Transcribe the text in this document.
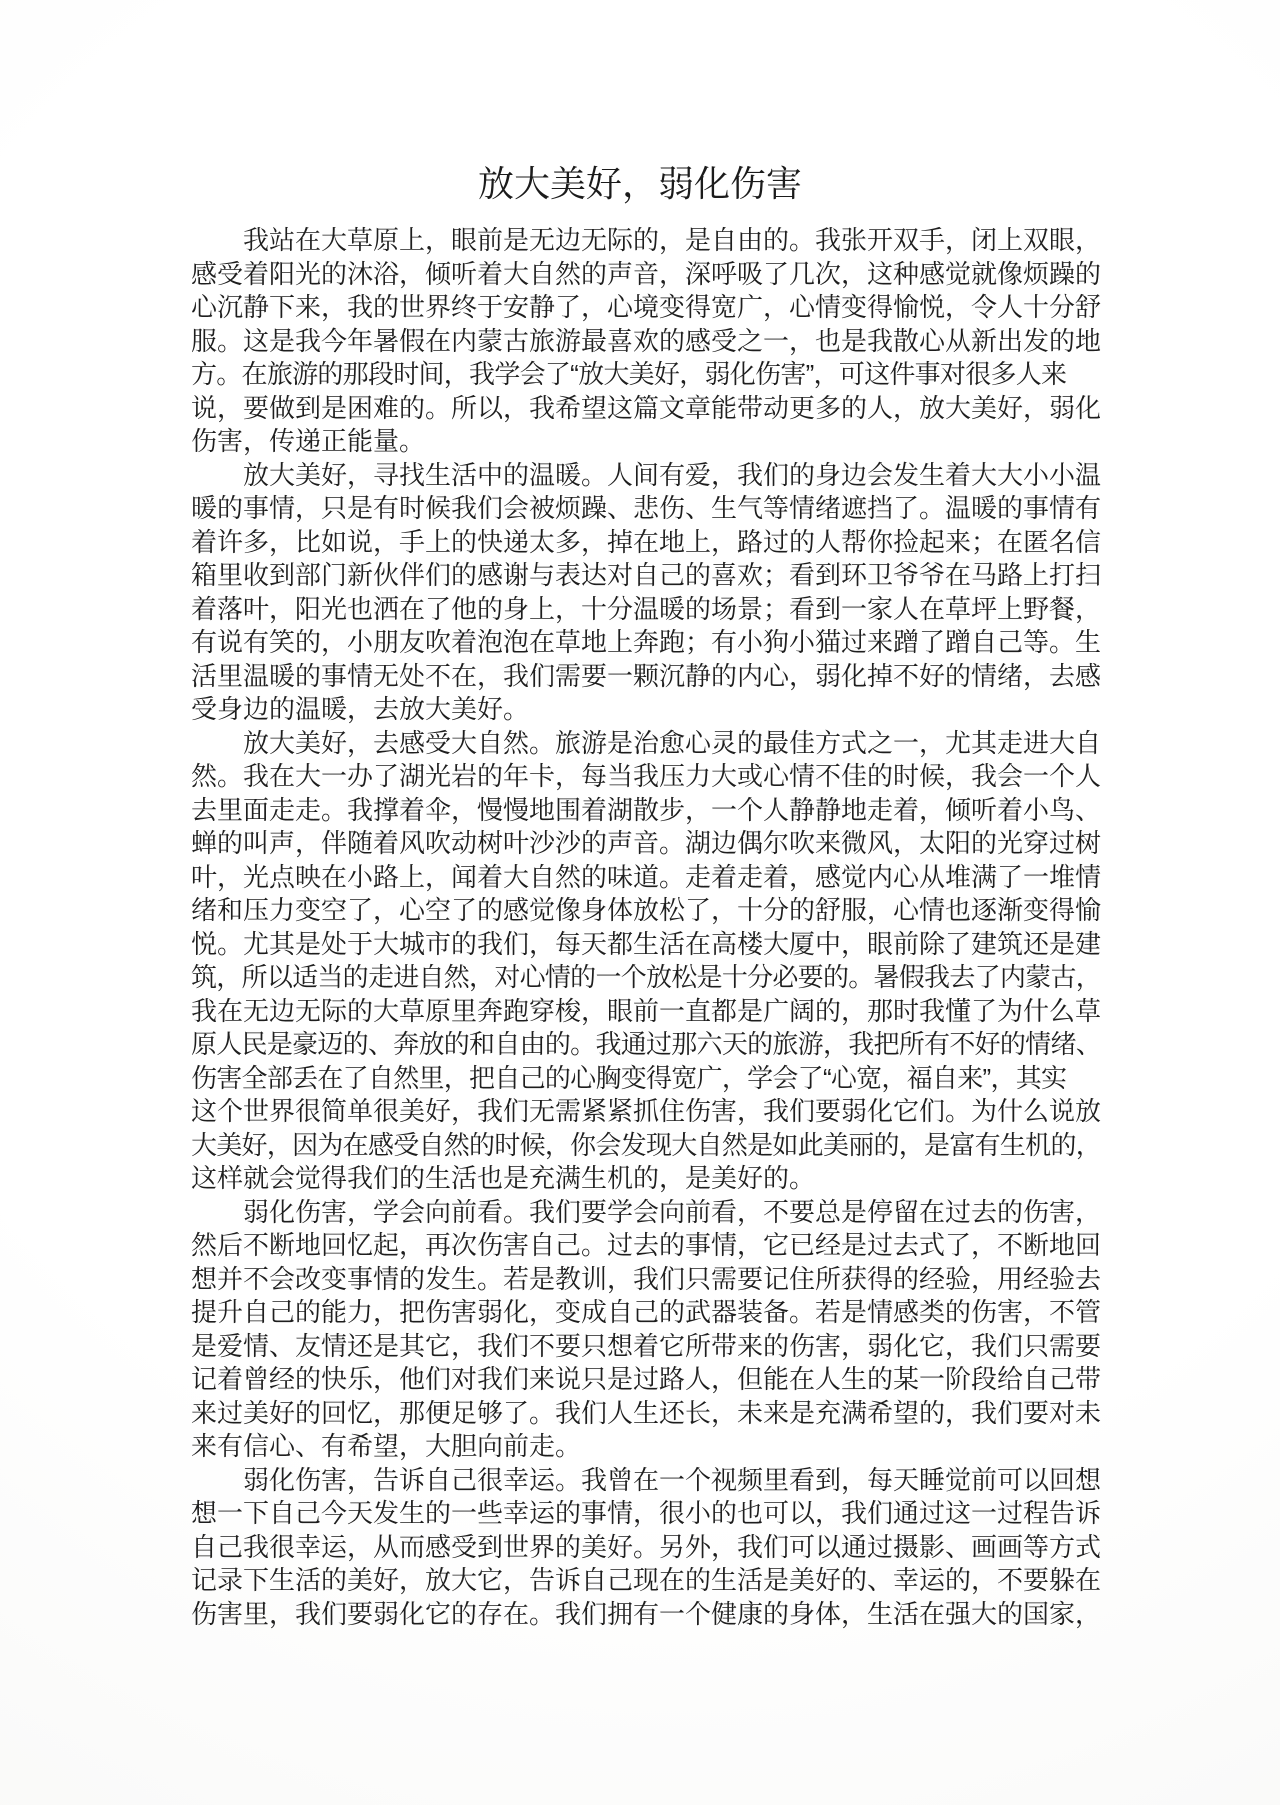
放大美好，弱化伤害

我站在大草原上，眼前是无边无际的，是自由的。我张开双手，闭上双眼，
感受着阳光的沐浴，倾听着大自然的声音，深呼吸了几次，这种感觉就像烦躁的
心沉静下来，我的世界终于安静了，心境变得宽广，心情变得愉悦，令人十分舒
服。这是我今年暑假在内蒙古旅游最喜欢的感受之一，也是我散心从新出发的地
方。在旅游的那段时间，我学会了“放大美好，弱化伤害”，可这件事对很多人来
说，要做到是困难的。所以，我希望这篇文章能带动更多的人，放大美好，弱化
伤害，传递正能量。

放大美好，寻找生活中的温暖。人间有爱，我们的身边会发生着大大小小温
暖的事情，只是有时候我们会被烦躁、悲伤、生气等情绪遮挡了。温暖的事情有
着许多，比如说，手上的快递太多，掉在地上，路过的人帮你捡起来；在匿名信
箱里收到部门新伙伴们的感谢与表达对自己的喜欢；看到环卫爷爷在马路上打扫
着落叶，阳光也洒在了他的身上，十分温暖的场景；看到一家人在草坪上野餐，
有说有笑的，小朋友吹着泡泡在草地上奔跑；有小狗小猫过来蹭了蹭自己等。生
活里温暖的事情无处不在，我们需要一颗沉静的内心，弱化掉不好的情绪，去感
受身边的温暖，去放大美好。

放大美好，去感受大自然。旅游是治愈心灵的最佳方式之一，尤其走进大自
然。我在大一办了湖光岩的年卡，每当我压力大或心情不佳的时候，我会一个人
去里面走走。我撑着伞，慢慢地围着湖散步，一个人静静地走着，倾听着小鸟、
蝉的叫声，伴随着风吹动树叶沙沙的声音。湖边偶尔吹来微风，太阳的光穿过树
叶，光点映在小路上，闻着大自然的味道。走着走着，感觉内心从堆满了一堆情
绪和压力变空了，心空了的感觉像身体放松了，十分的舒服，心情也逐渐变得愉
悦。尤其是处于大城市的我们，每天都生活在高楼大厦中，眼前除了建筑还是建
筑，所以适当的走进自然，对心情的一个放松是十分必要的。暑假我去了内蒙古，
我在无边无际的大草原里奔跑穿梭，眼前一直都是广阔的，那时我懂了为什么草
原人民是豪迈的、奔放的和自由的。我通过那六天的旅游，我把所有不好的情绪、
伤害全部丢在了自然里，把自己的心胸变得宽广，学会了“心宽，福自来”，其实
这个世界很简单很美好，我们无需紧紧抓住伤害，我们要弱化它们。为什么说放
大美好，因为在感受自然的时候，你会发现大自然是如此美丽的，是富有生机的，
这样就会觉得我们的生活也是充满生机的，是美好的。

弱化伤害，学会向前看。我们要学会向前看，不要总是停留在过去的伤害，
然后不断地回忆起，再次伤害自己。过去的事情，它已经是过去式了，不断地回
想并不会改变事情的发生。若是教训，我们只需要记住所获得的经验，用经验去
提升自己的能力，把伤害弱化，变成自己的武器装备。若是情感类的伤害，不管
是爱情、友情还是其它，我们不要只想着它所带来的伤害，弱化它，我们只需要
记着曾经的快乐，他们对我们来说只是过路人，但能在人生的某一阶段给自己带
来过美好的回忆，那便足够了。我们人生还长，未来是充满希望的，我们要对未
来有信心、有希望，大胆向前走。

弱化伤害，告诉自己很幸运。我曾在一个视频里看到，每天睡觉前可以回想
想一下自己今天发生的一些幸运的事情，很小的也可以，我们通过这一过程告诉
自己我很幸运，从而感受到世界的美好。另外，我们可以通过摄影、画画等方式
记录下生活的美好，放大它，告诉自己现在的生活是美好的、幸运的，不要躲在
伤害里，我们要弱化它的存在。我们拥有一个健康的身体，生活在强大的国家，
